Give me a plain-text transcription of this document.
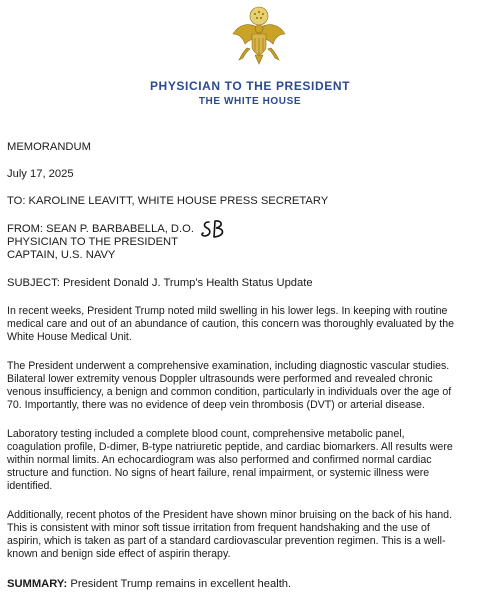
PHYSICIAN TO THE PRESIDENT
THE WHITE HOUSE

MEMORANDUM

July 17, 2025

TO: KAROLINE LEAVITT, WHITE HOUSE PRESS SECRETARY

FROM: SEAN P. BARBABELLA, D.O.

PHYSICIAN TO THE PRESIDENT

CAPTAIN, U.S. NAVY

SUBJECT: President Donald J. Trump's Health Status Update

In recent weeks, President Trump noted mild swelling in his lower legs. In keeping with routine
medical care and out of an abundance of caution, this concern was thoroughly evaluated by the
White House Medical Unit.
The President underwent a comprehensive examination, including diagnostic vascular studies.
Bilateral lower extremity venous Doppler ultrasounds were performed and revealed chronic
venous insufficiency, a benign and common condition, particularly in individuals over the age of
70. Importantly, there was no evidence of deep vein thrombosis (DVT) or arterial disease.
Laboratory testing included a complete blood count, comprehensive metabolic panel,
coagulation profile, D-dimer, B-type natriuretic peptide, and cardiac biomarkers. All results were
within normal limits. An echocardiogram was also performed and confirmed normal cardiac
structure and function. No signs of heart failure, renal impairment, or systemic illness were
identified.
Additionally, recent photos of the President have shown minor bruising on the back of his hand.
This is consistent with minor soft tissue irritation from frequent handshaking and the use of
aspirin, which is taken as part of a standard cardiovascular prevention regimen. This is a well-
known and benign side effect of aspirin therapy.

SUMMARY: President Trump remains in excellent health.
